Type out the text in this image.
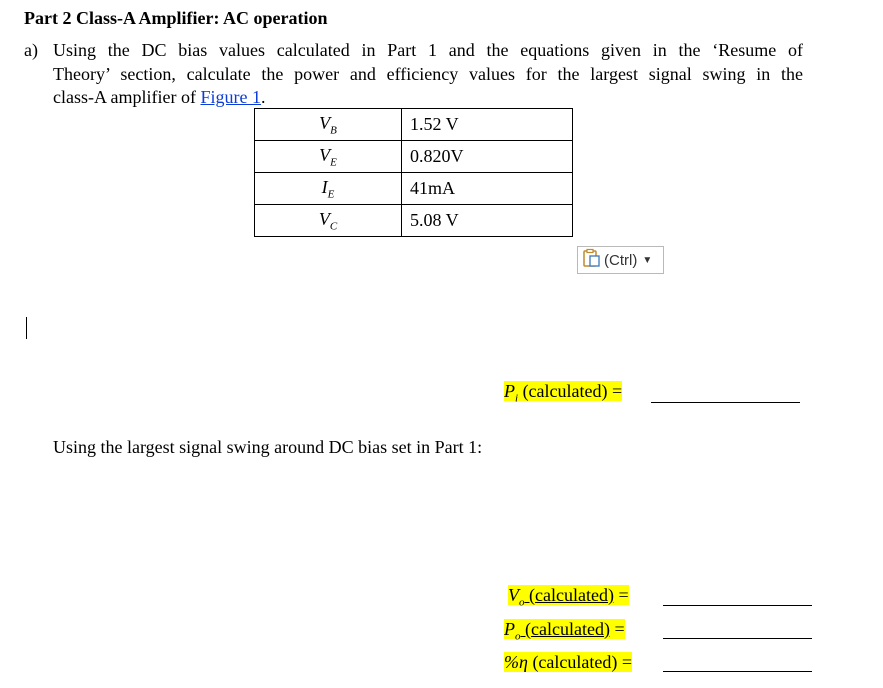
Part 2 Class-A Amplifier: AC operation
a) Using the DC bias values calculated in Part 1 and the equations given in the ‘Resume of
Theory’ section, calculate the power and efficiency values for the largest signal swing in the
class-A amplifier of Figure 1.
$V_B$	1.52 V
$V_E$	0.820V
$I_E$	41mA
$V_C$	5.08 V
(Ctrl) ▼
$P_i$ (calculated) =
Using the largest signal swing around DC bias set in Part 1:
$V_o$ (calculated) =
$P_o$ (calculated) =
%η (calculated) =
